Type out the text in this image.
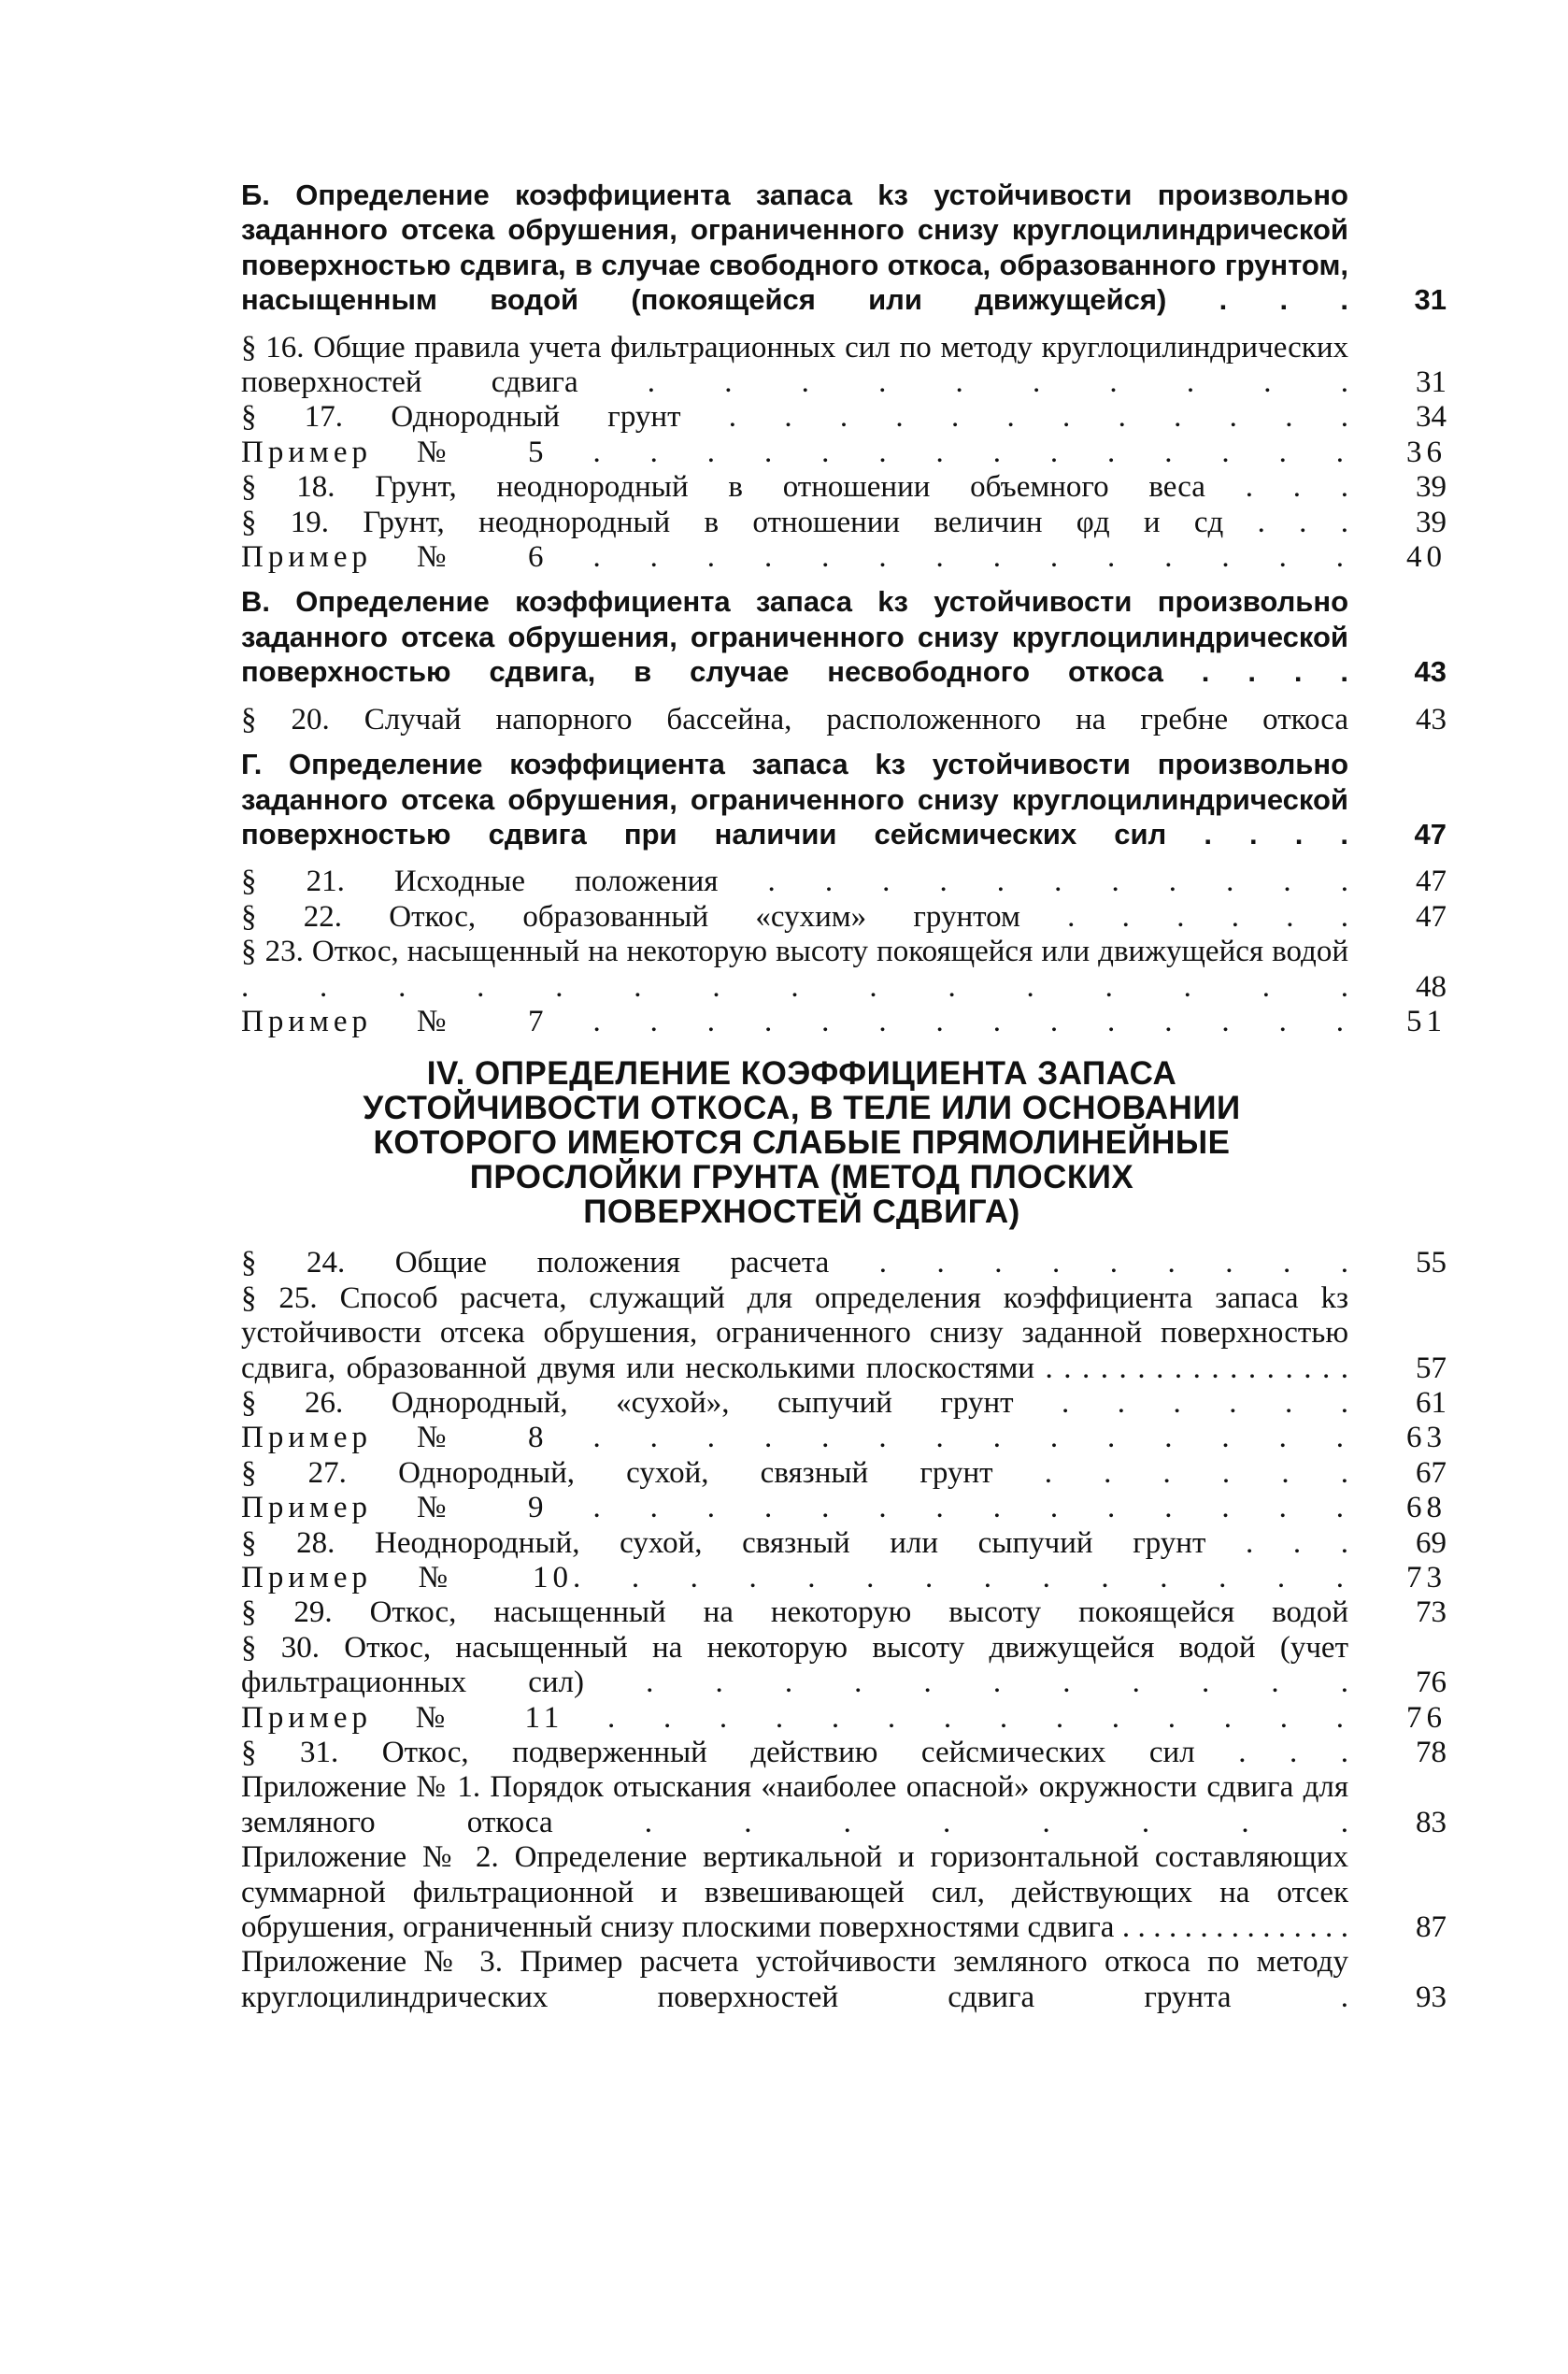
Б. Определение коэффициента запаса kз устойчивости произвольно заданного отсека обрушения, ограниченного снизу круглоцилиндрической поверхностью сдвига, в случае свободного откоса, образованного грунтом, насыщенным водой (покоящейся или движущейся) . . .	31
§ 16. Общие правила учета фильтрационных сил по методу круглоцилиндрических поверхностей сдвига . . . . . . . . . .	31
§ 17. Однородный грунт . . . . . . . . . . . .	34
Пример № 5 . . . . . . . . . . . . . .	36
§ 18. Грунт, неоднородный в отношении объемного веса . . .	39
§ 19. Грунт, неоднородный в отношении величин φд и сд . . .	39
Пример № 6 . . . . . . . . . . . . . .	40
В. Определение коэффициента запаса kз устойчивости произвольно заданного отсека обрушения, ограниченного снизу круглоцилиндрической поверхностью сдвига, в случае несвободного откоса . . . .	43
§ 20. Случай напорного бассейна, расположенного на гребне откоса	43
Г. Определение коэффициента запаса kз устойчивости произвольно заданного отсека обрушения, ограниченного снизу круглоцилиндрической поверхностью сдвига при наличии сейсмических сил . . . .	47
§ 21. Исходные положения . . . . . . . . . . .	47
§ 22. Откос, образованный «сухим» грунтом . . . . . .	47
§ 23. Откос, насыщенный на некоторую высоту покоящейся или движущейся водой . . . . . . . . . . . . . . .	48
Пример № 7 . . . . . . . . . . . . . .	51
IV. ОПРЕДЕЛЕНИЕ КОЭФФИЦИЕНТА ЗАПАСА
УСТОЙЧИВОСТИ ОТКОСА, В ТЕЛЕ ИЛИ ОСНОВАНИИ
КОТОРОГО ИМЕЮТСЯ СЛАБЫЕ ПРЯМОЛИНЕЙНЫЕ
ПРОСЛОЙКИ ГРУНТА (МЕТОД ПЛОСКИХ
ПОВЕРХНОСТЕЙ СДВИГА)
§ 24. Общие положения расчета . . . . . . . . .	55
§ 25. Способ расчета, служащий для определения коэффициента запаса kз устойчивости отсека обрушения, ограниченного снизу заданной поверхностью сдвига, образованной двумя или несколькими плоскостями . . . . . . . . . . . . . . . . .	57
§ 26. Однородный, «сухой», сыпучий грунт . . . . . .	61
Пример № 8 . . . . . . . . . . . . . .	63
§ 27. Однородный, сухой, связный грунт . . . . . .	67
Пример № 9 . . . . . . . . . . . . . .	68
§ 28. Неоднородный, сухой, связный или сыпучий грунт . . .	69
Пример № 10. . . . . . . . . . . . . .	73
§ 29. Откос, насыщенный на некоторую высоту покоящейся водой	73
§ 30. Откос, насыщенный на некоторую высоту движущейся водой (учет фильтрационных сил) . . . . . . . . . . .	76
Пример № 11 . . . . . . . . . . . . . .	76
§ 31. Откос, подверженный действию сейсмических сил . . .	78
Приложение № 1. Порядок отыскания «наиболее опасной» окружности сдвига для земляного откоса . . . . . . . .	83
Приложение № 2. Определение вертикальной и горизонтальной составляющих суммарной фильтрационной и взвешивающей сил, действующих на отсек обрушения, ограниченный снизу плоскими поверхностями сдвига . . . . . . . . . . . . . . .	87
Приложение № 3. Пример расчета устойчивости земляного откоса по методу круглоцилиндрических поверхностей сдвига грунта .	93
